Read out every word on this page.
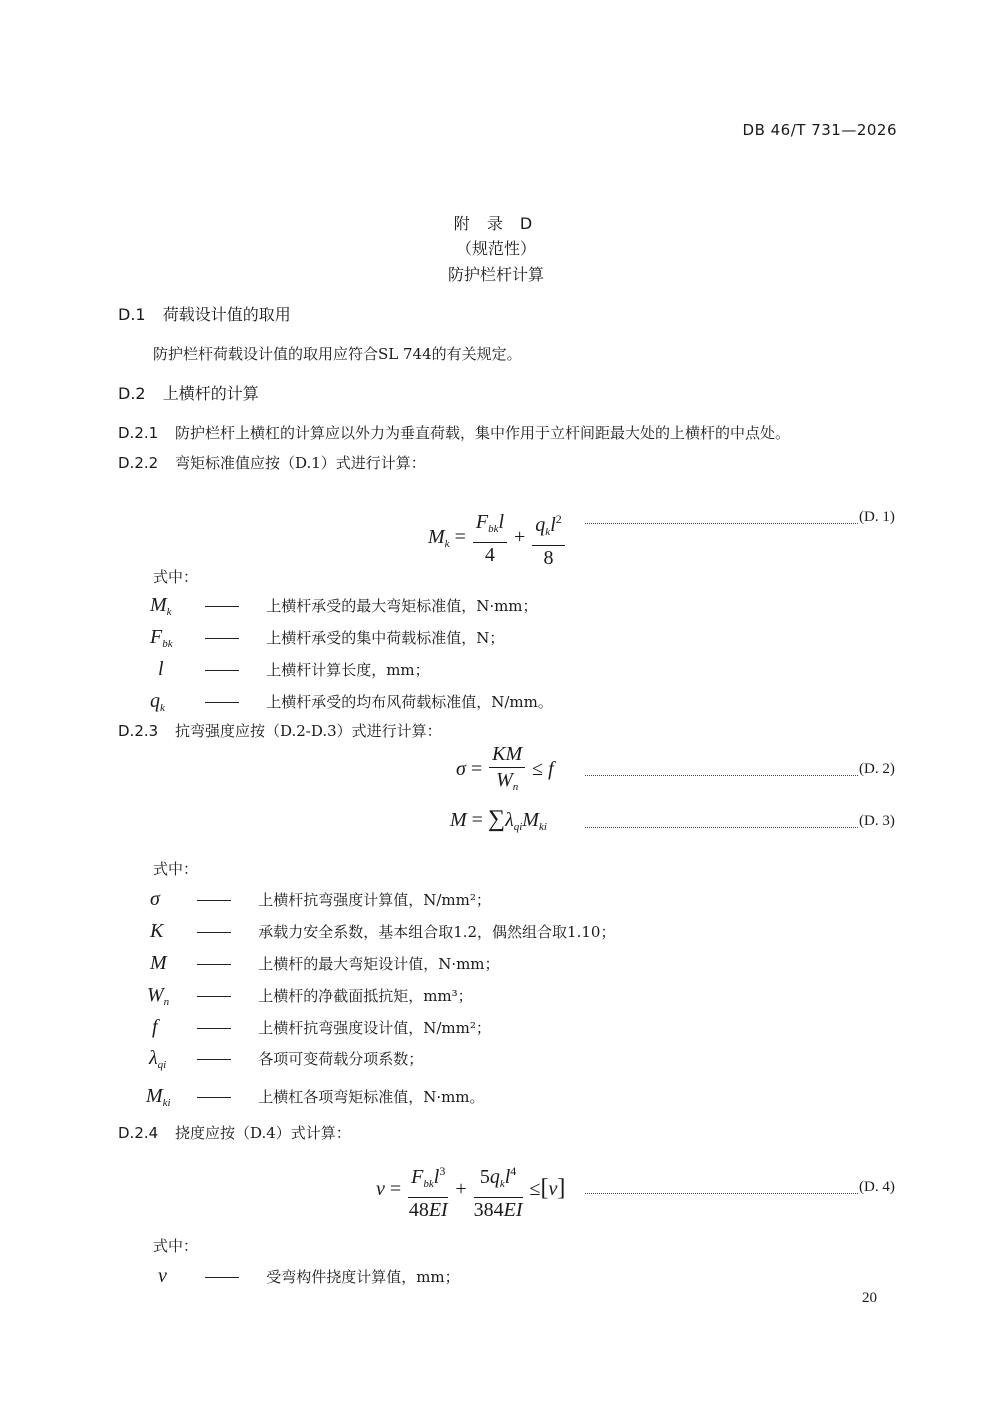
DB 46/T 731—2026
附 录 D
（规范性）
防护栏杆计算
D.1 荷载设计值的取用
防护栏杆荷载设计值的取用应符合SL 744的有关规定。
D.2 上横杆的计算
D.2.1 防护栏杆上横杠的计算应以外力为垂直荷载，集中作用于立杆间距最大处的上横杆的中点处。
D.2.2 弯矩标准值应按（D.1）式进行计算：
$M_k = \frac{F_{bk}l}{4} + \frac{q_kl^2}{8}$	(D. 1)
式中：
$M_k$	上横杆承受的最大弯矩标准值，N·mm；
$F_{bk}$	上横杆承受的集中荷载标准值，N；
l	上横杆计算长度，mm；
$q_k$	上横杆承受的均布风荷载标准值，N/mm。
D.2.3 抗弯强度应按（D.2-D.3）式进行计算：
$\sigma = \frac{KM}{W_n} \le f$	(D. 2)
$M = \sum\lambda_{qi}M_{ki}$	(D. 3)
式中：
σ	上横杆抗弯强度计算值，N/mm²；
K	承载力安全系数，基本组合取1.2，偶然组合取1.10；
M	上横杆的最大弯矩设计值，N·mm；
$W_n$	上横杆的净截面抵抗矩，mm³；
f	上横杆抗弯强度设计值，N/mm²；
$\lambda_{qi}$	各项可变荷载分项系数；
$M_{ki}$	上横杠各项弯矩标准值，N·mm。
D.2.4 挠度应按（D.4）式计算：
$\nu = \frac{F_{bk}l^3}{48EI} + \frac{5q_kl^4}{384EI} \le[\nu]$	(D. 4)
式中：
ν	受弯构件挠度计算值，mm；
20
